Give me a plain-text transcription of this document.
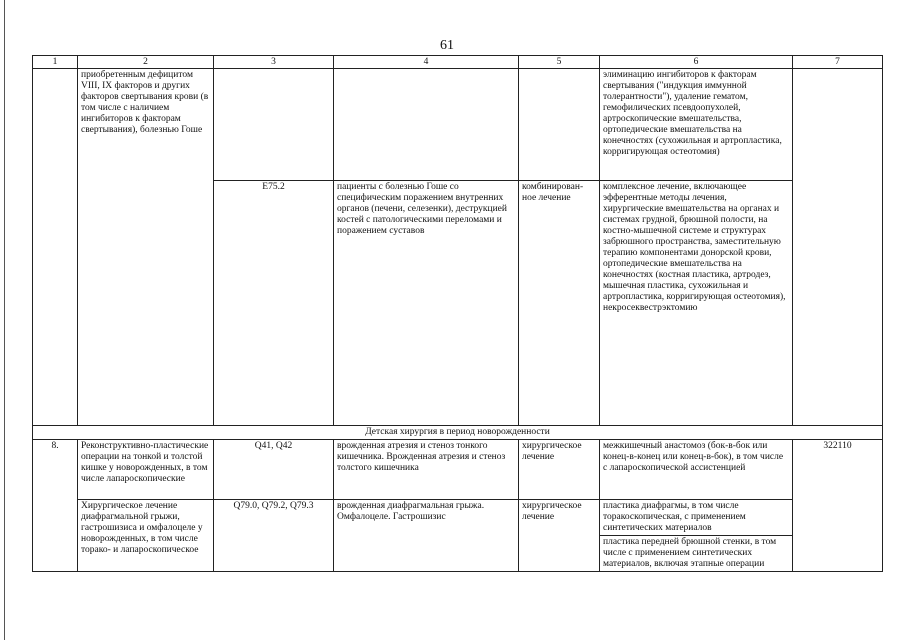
61
1	2	3	4	5	6	7
	приобретенным дефицитом VIII, IX факторов и других факторов свертывания крови (в том числе с наличием ингибиторов к факторам свертывания), болезнью Гоше				элиминацию ингибиторов к факторам свертывания ("индукция иммунной толерантности"), удаление гематом, гемофилических псевдоопухолей, артроскопические вмешательства, ортопедические вмешательства на конечностях (сухожильная и артропластика, корригирующая остеотомия)	
		E75.2	пациенты с болезнью Гоше со специфическим поражением внутренних органов (печени, селезенки), деструкцией костей с патологическими переломами и поражением суставов	комбинирован-ное лечение	комплексное лечение, включающее эфферентные методы лечения, хирургические вмешательства на органах и системах грудной, брюшной полости, на костно-мышечной системе и структурах забрюшного пространства, заместительную терапию компонентами донорской крови, ортопедические вмешательства на конечностях (костная пластика, артродез, мышечная пластика, сухожильная и артропластика, корригирующая остеотомия), некросеквестрэктомию	
Детская хирургия в период новорожденности						
8.	Реконструктивно-пластические операции на тонкой и толстой кишке у новорожденных, в том числе лапароскопические	Q41, Q42	врожденная атрезия и стеноз тонкого кишечника. Врожденная атрезия и стеноз толстого кишечника	хирургическое лечение	межкишечный анастомоз (бок-в-бок или конец-в-конец или конец-в-бок), в том числе с лапароскопической ассистенцией	322110
	Хирургическое лечение диафрагмальной грыжи, гастрошизиса и омфалоцеле у новорожденных, в том числе торако- и лапароскопическое	Q79.0, Q79.2, Q79.3	врожденная диафрагмальная грыжа. Омфалоцеле. Гастрошизис	хирургическое лечение	пластика диафрагмы, в том числе торакоскопическая, с применением синтетических материалов
пластика передней брюшной стенки, в том числе с применением синтетических материалов, включая этапные операции	
